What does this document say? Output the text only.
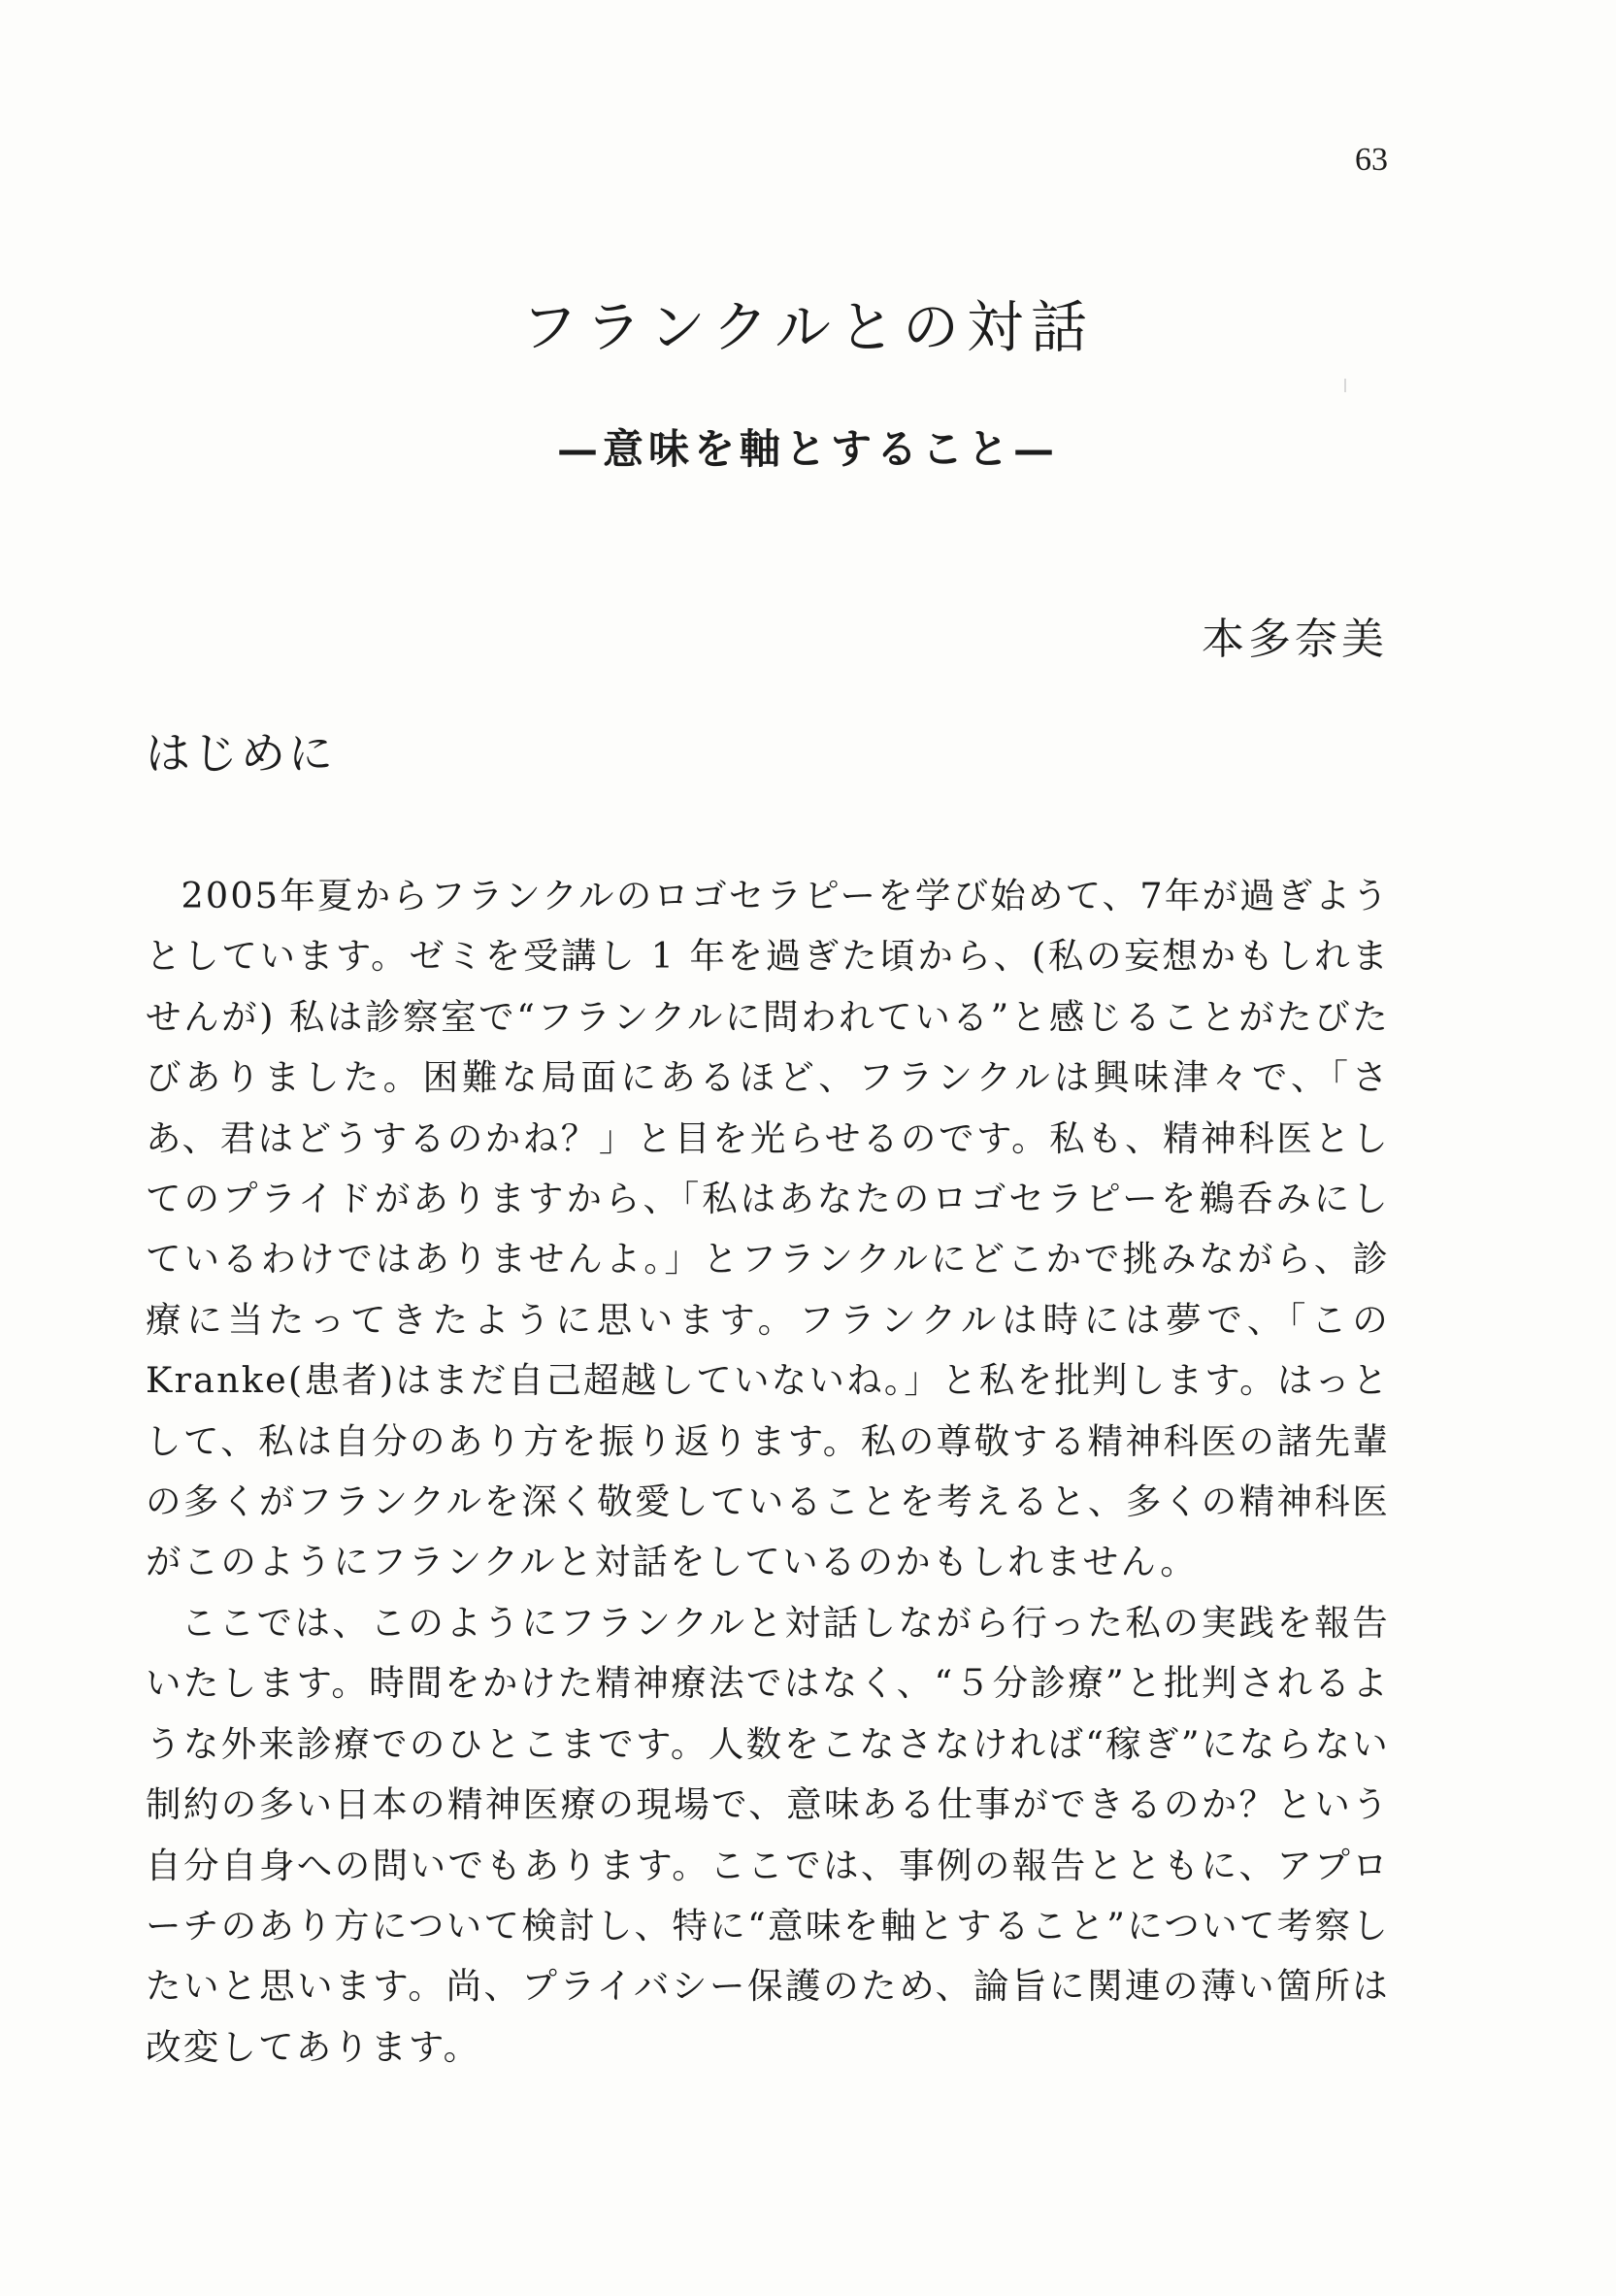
63
フランクルとの対話
—意味を軸とすること—
本多奈美
はじめに

2005年夏からフランクルのロゴセラピーを学び始めて、7年が過ぎようとしています。ゼミを受講し 1 年を過ぎた頃から、(私の妄想かもしれませんが) 私は診察室で“フランクルに問われている”と感じることがたびたびありました。困難な局面にあるほど、フランクルは興味津々で、「さあ、君はどうするのかね？」と目を光らせるのです。私も、精神科医としてのプライドがありますから、「私はあなたのロゴセラピーを鵜呑みにしているわけではありませんよ。」とフランクルにどこかで挑みながら、診療に当たってきたように思います。フランクルは時には夢で、「この Kranke(患者)はまだ自己超越していないね。」と私を批判します。はっとして、私は自分のあり方を振り返ります。私の尊敬する精神科医の諸先輩の多くがフランクルを深く敬愛していることを考えると、多くの精神科医がこのようにフランクルと対話をしているのかもしれません。

ここでは、このようにフランクルと対話しながら行った私の実践を報告いたします。時間をかけた精神療法ではなく、“５分診療”と批判されるような外来診療でのひとこまです。人数をこなさなければ“稼ぎ”にならない制約の多い日本の精神医療の現場で、意味ある仕事ができるのか？という自分自身への問いでもあります。ここでは、事例の報告とともに、アプローチのあり方について検討し、特に“意味を軸とすること”について考察したいと思います。尚、プライバシー保護のため、論旨に関連の薄い箇所は改変してあります。
